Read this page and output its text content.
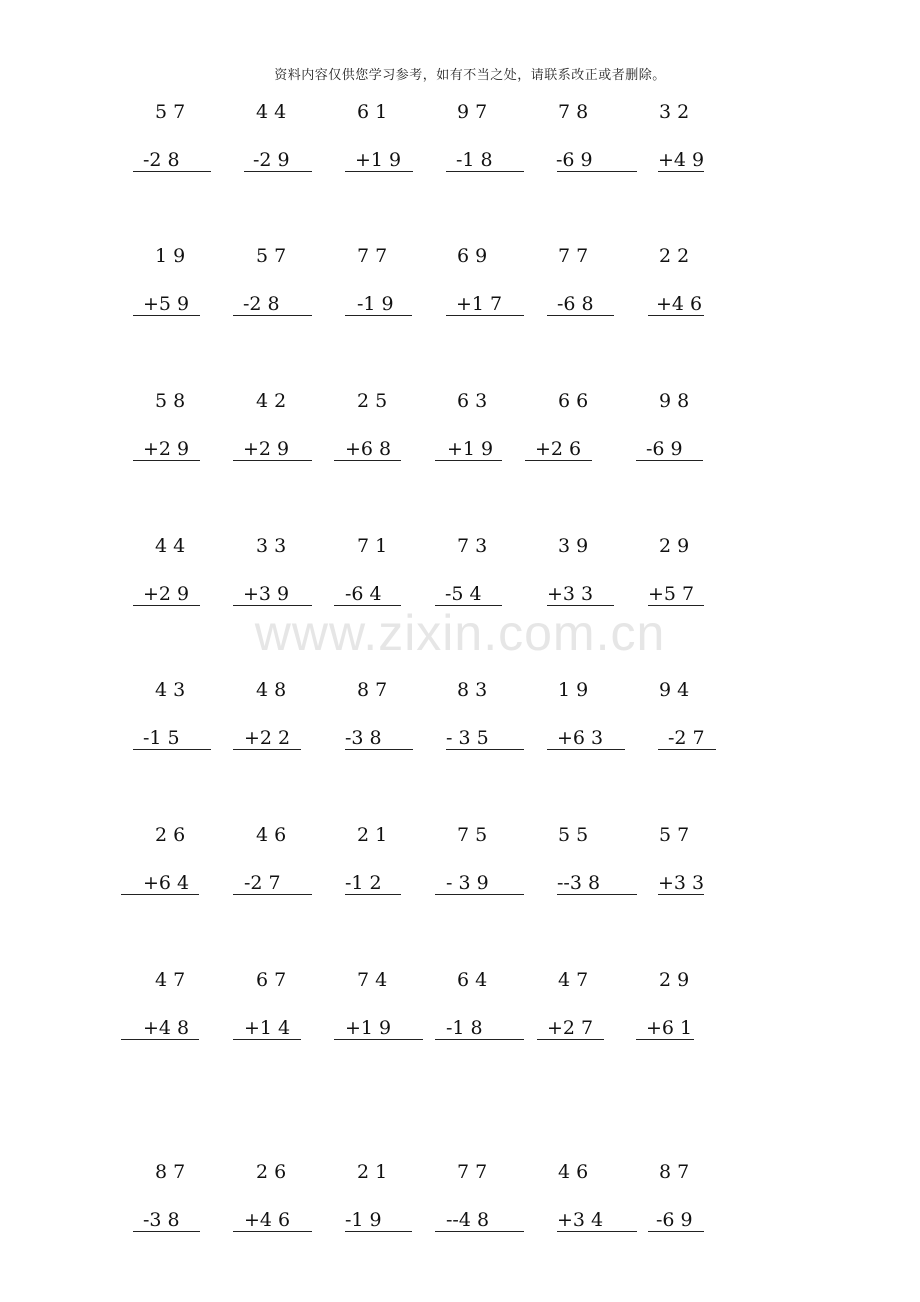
资料内容仅供您学习参考，如有不当之处，请联系改正或者删除。
www.zixin.com.cn
5 7
-2 8
4 4
-2 9
6 1
+1 9
9 7
-1 8
7 8
-6 9
3 2
+4 9
1 9
+5 9
5 7
-2 8
7 7
-1 9
6 9
+1 7
7 7
-6 8
2 2
+4 6
5 8
+2 9
4 2
+2 9
2 5
+6 8
6 3
+1 9
6 6
+2 6
9 8
-6 9
4 4
+2 9
3 3
+3 9
7 1
-6 4
7 3
-5 4
3 9
+3 3
2 9
+5 7
4 3
-1 5
4 8
+2 2
8 7
-3 8
8 3
- 3 5
1 9
+6 3
9 4
-2 7
2 6
+6 4
4 6
-2 7
2 1
-1 2
7 5
- 3 9
5 5
--3 8
5 7
+3 3
4 7
+4 8
6 7
+1 4
7 4
+1 9
6 4
-1 8
4 7
+2 7
2 9
+6 1
8 7
-3 8
2 6
+4 6
2 1
-1 9
7 7
--4 8
4 6
+3 4
8 7
-6 9
